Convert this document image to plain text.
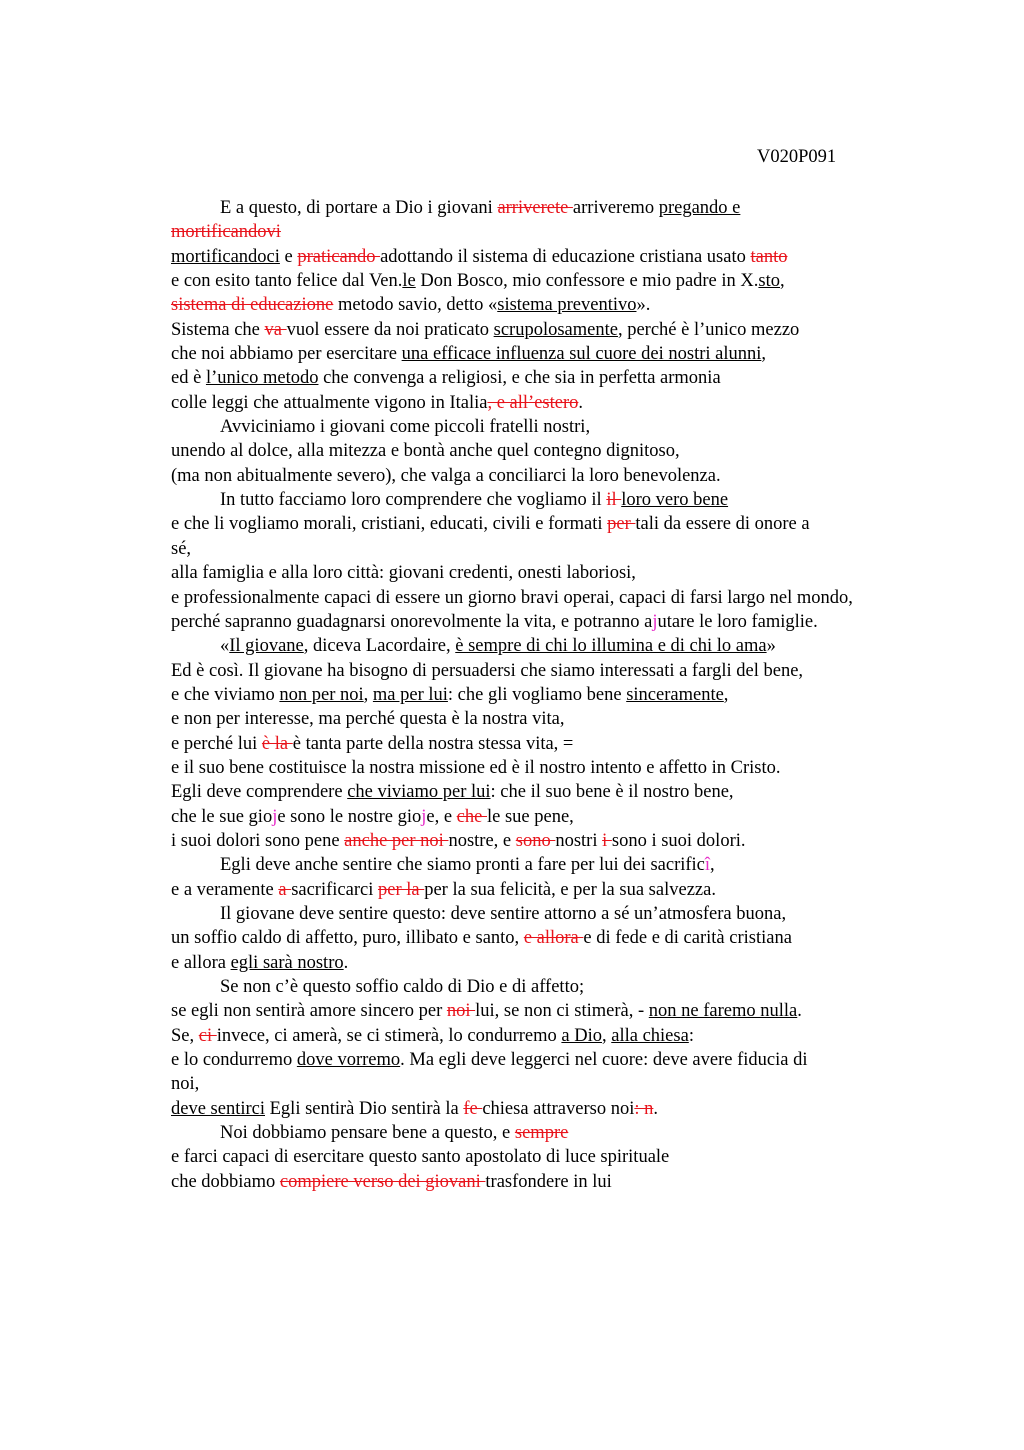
V020P091
E a questo, di portare a Dio i giovani arriverete arriveremo pregando e
mortificandovi
mortificandoci e praticando adottando il sistema di educazione cristiana usato tanto
e con esito tanto felice dal Ven.le Don Bosco, mio confessore e mio padre in X.sto,
sistema di educazione metodo savio, detto «sistema preventivo».
Sistema che va vuol essere da noi praticato scrupolosamente, perché è l’unico mezzo
che noi abbiamo per esercitare una efficace influenza sul cuore dei nostri alunni,
ed è l’unico metodo che convenga a religiosi, e che sia in perfetta armonia
colle leggi che attualmente vigono in Italia, e all’estero.
Avviciniamo i giovani come piccoli fratelli nostri,
unendo al dolce, alla mitezza e bontà anche quel contegno dignitoso,
(ma non abitualmente severo), che valga a conciliarci la loro benevolenza.
In tutto facciamo loro comprendere che vogliamo il il loro vero bene
e che li vogliamo morali, cristiani, educati, civili e formati per tali da essere di onore a
sé,
alla famiglia e alla loro città: giovani credenti, onesti laboriosi,
e professionalmente capaci di essere un giorno bravi operai, capaci di farsi largo nel mondo,
perché sapranno guadagnarsi onorevolmente la vita, e potranno ajutare le loro famiglie.
«Il giovane, diceva Lacordaire, è sempre di chi lo illumina e di chi lo ama»
Ed è così. Il giovane ha bisogno di persuadersi che siamo interessati a fargli del bene,
e che viviamo non per noi, ma per lui: che gli vogliamo bene sinceramente,
e non per interesse, ma perché questa è la nostra vita,
e perché lui è la è tanta parte della nostra stessa vita, =
e il suo bene costituisce la nostra missione ed è il nostro intento e affetto in Cristo.
Egli deve comprendere che viviamo per lui: che il suo bene è il nostro bene,
che le sue gioje sono le nostre gioje, e che le sue pene,
i suoi dolori sono pene anche per noi nostre, e sono nostri i sono i suoi dolori.
Egli deve anche sentire che siamo pronti a fare per lui dei sacrificî,
e a veramente a sacrificarci per la per la sua felicità, e per la sua salvezza.
Il giovane deve sentire questo: deve sentire attorno a sé un’atmosfera buona,
un soffio caldo di affetto, puro, illibato e santo, e allora e di fede e di carità cristiana
e allora egli sarà nostro.
Se non c’è questo soffio caldo di Dio e di affetto;
se egli non sentirà amore sincero per noi lui, se non ci stimerà, - non ne faremo nulla.
Se, ci invece, ci amerà, se ci stimerà, lo condurremo a Dio, alla chiesa:
e lo condurremo dove vorremo. Ma egli deve leggerci nel cuore: deve avere fiducia di
noi,
deve sentirci Egli sentirà Dio sentirà la fe chiesa attraverso noi: n.
Noi dobbiamo pensare bene a questo, e sempre
e farci capaci di esercitare questo santo apostolato di luce spirituale
che dobbiamo compiere verso dei giovani trasfondere in lui
